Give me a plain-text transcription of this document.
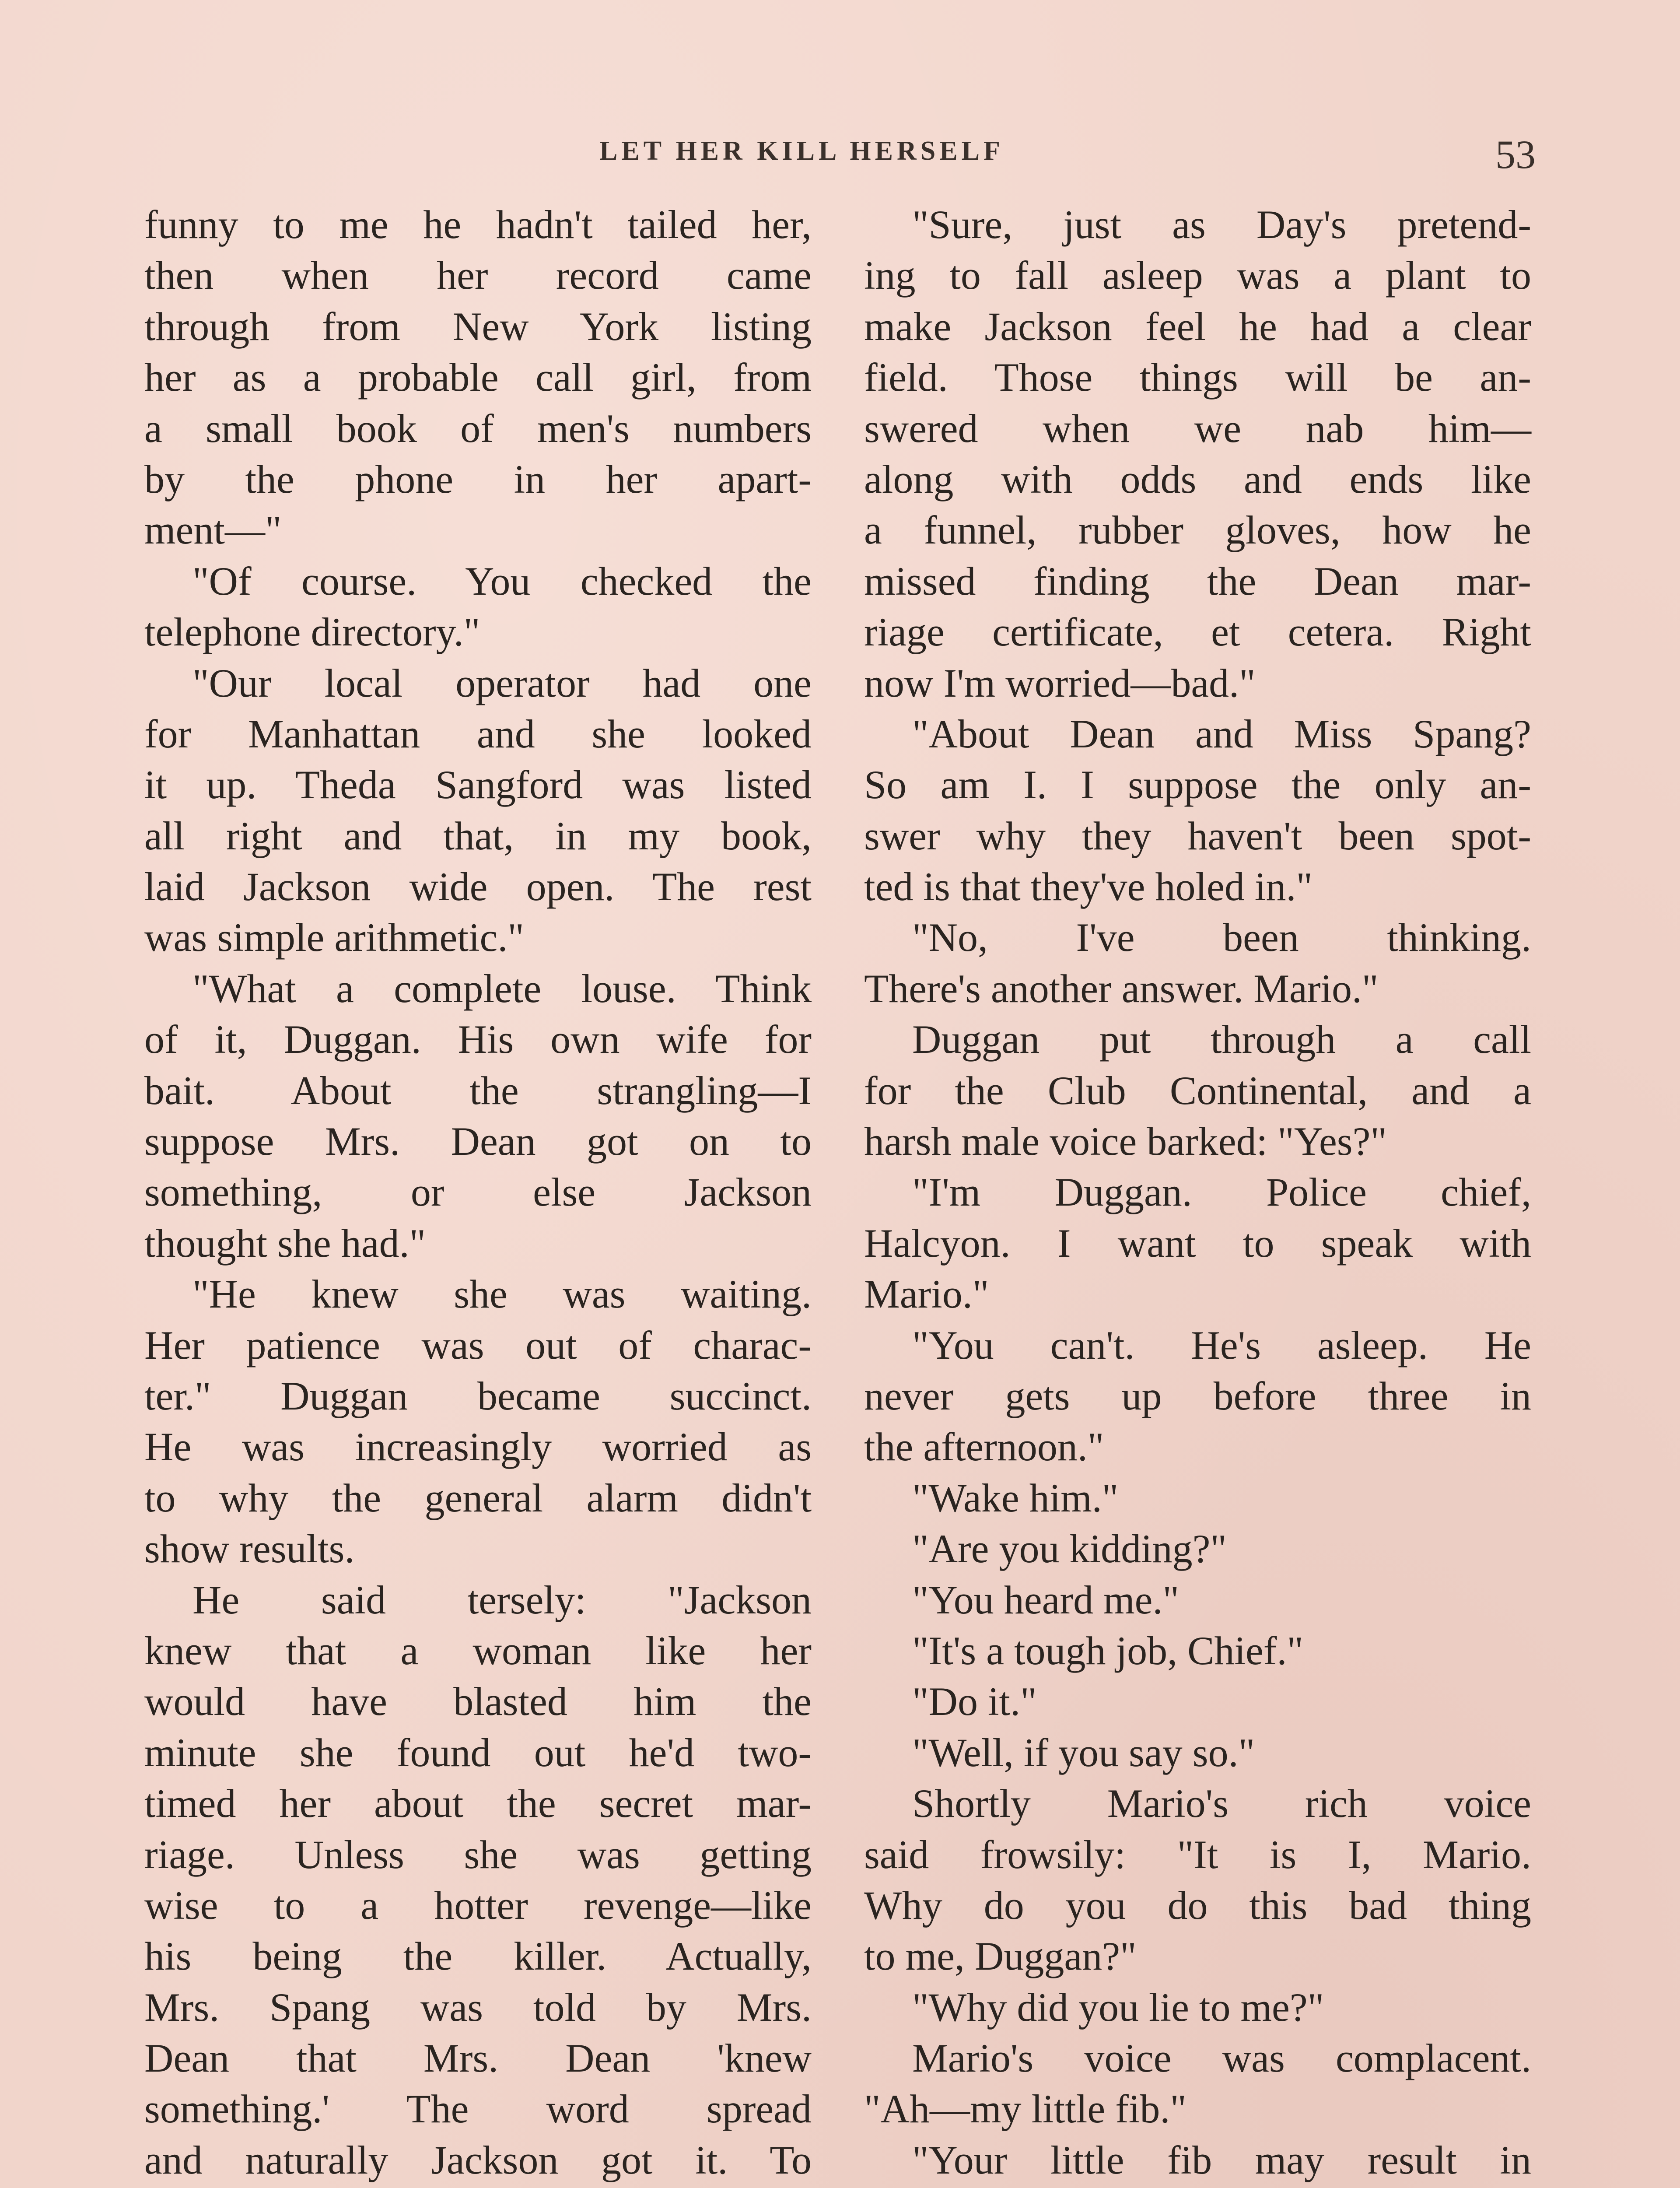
LET HER KILL HERSELF	53
funny to me he hadn't tailed her,
then when her record came
through from New York listing
her as a probable call girl, from
a small book of men's numbers
by the phone in her apart-
ment—"
"Of course. You checked the
telephone directory."
"Our local operator had one
for Manhattan and she looked
it up. Theda Sangford was listed
all right and that, in my book,
laid Jackson wide open. The rest
was simple arithmetic."
"What a complete louse. Think
of it, Duggan. His own wife for
bait. About the strangling—I
suppose Mrs. Dean got on to
something, or else Jackson
thought she had."
"He knew she was waiting.
Her patience was out of charac-
ter." Duggan became succinct.
He was increasingly worried as
to why the general alarm didn't
show results.
He said tersely: "Jackson
knew that a woman like her
would have blasted him the
minute she found out he'd two-
timed her about the secret mar-
riage. Unless she was getting
wise to a hotter revenge—like
his being the killer. Actually,
Mrs. Spang was told by Mrs.
Dean that Mrs. Dean 'knew
something.' The word spread
and naturally Jackson got it. To
"Sure, just as Day's pretend-
ing to fall asleep was a plant to
make Jackson feel he had a clear
field. Those things will be an-
swered when we nab him—
along with odds and ends like
a funnel, rubber gloves, how he
missed finding the Dean mar-
riage certificate, et cetera. Right
now I'm worried—bad."
"About Dean and Miss Spang?
So am I. I suppose the only an-
swer why they haven't been spot-
ted is that they've holed in."
"No, I've been thinking.
There's another answer. Mario."
Duggan put through a call
for the Club Continental, and a
harsh male voice barked: "Yes?"
"I'm Duggan. Police chief,
Halcyon. I want to speak with
Mario."
"You can't. He's asleep. He
never gets up before three in
the afternoon."
"Wake him."
"Are you kidding?"
"You heard me."
"It's a tough job, Chief."
"Do it."
"Well, if you say so."
Shortly Mario's rich voice
said frowsily: "It is I, Mario.
Why do you do this bad thing
to me, Duggan?"
"Why did you lie to me?"
Mario's voice was complacent.
"Ah—my little fib."
"Your little fib may result in
